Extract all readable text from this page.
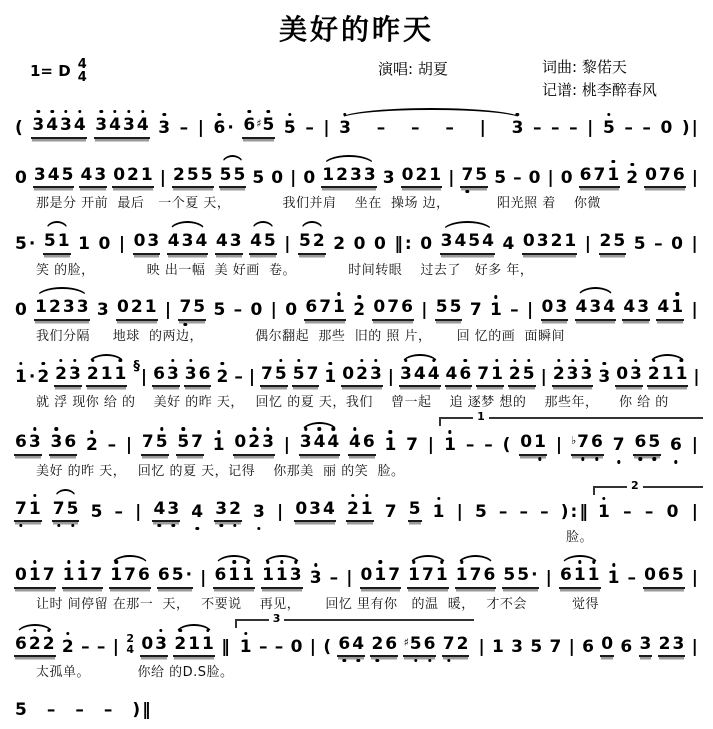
美好的昨天
1= D 4
4	演唱: 胡夏	词曲: 黎偌天
记谱: 桃李醉春风
( 3 4 3 4 3 4 3 4 3 – | 6 · 6 ♯ 5 5 – | 3

–

–

–

|

3 – – – | 5 – – 0 ) |
0 3 4 5 4 3 0 2 1 | 2 5 5 5 5 5 0 | 0 1 2 3 3 3 0 2 1 | 7 5 5 – 0 | 0 6 7 1 2 0 7 6 |
那是分 开前  最后   一个夏 天，　　　　 我们并肩　 坐在  操场 边，　　　　阳光照 着　 你微
5 · 5 1 1 0 | 0 3 4 3 4 4 3 4 5 | 5 2 2 0 0 ‖ : 0 3 4 5 4 4 0 3 2 1 | 2 5 5 – 0 |
笑 的脸，　　　　 映 出一幅  美 好画  卷。　　　　 时间转眼　 过去了   好多 年，
0 1 2 3 3 3 0 2 1 | 7 5 5 – 0 | 0 6 7 1 2 0 7 6 | 5 5 7 1 – | 0 3 4 3 4 4 3 4 1 |
我们分隔　  地球  的两边，　　　　 偶尔翻起  那些  旧的 照 片，　　 回 忆的画  面瞬间
1 · 2 2 3 2 1 1 § | 6 3 3 6 2 – | 7 5 5 7 1 0 2 3 | 3 4 4 4 6 7 1 2 5 | 2 3 3 3 0 3 2 1 1 |
就 浮 现你 给 的　 美好 的昨 天，　 回忆 的夏 天，我们　 曾一起　 追 逐梦 想的　 那些年，　　你 给 的
6 3 3 6 2 – | 7 5 5 7 1 0 2 3 | 3 4 4 4 6 1 7 |
1
1 – – ( 0 1 | ♭ 7 6 7 6 5 6 |
美好 的昨 天，　 回忆 的夏 天，记得　 你那美  丽 的笑  脸。
7 1 7 5 5 – | 4 3 4 3 2 3 | 0 3 4 2 1 7 5 1 | 5 – – – ) : ‖
2
1 – – 0 |
脸。
0 1 7 1 1 7 1 7 6 6 5 · | 6 1 1 1 1 3 3 – | 0 1 7 1 7 1 1 7 6 5 5 · | 6 1 1 1 – 0 6 5 |
让时 间停留 在那一  天，　 不要说　 再见，　　 回忆 里有你   的温  暖，　 才不会　　　 觉得
6 2 2 2 – – | 2
4 0 3 2 1 1 ‖
3
1 – – 0 | ( 6 4 2 6 ♯ 5 6 7 2 | 1 3 5 7 | 6 0 6 3 2 3 |
太孤单。　　　　你给 的D.S脸。
5 – – – ) ‖
